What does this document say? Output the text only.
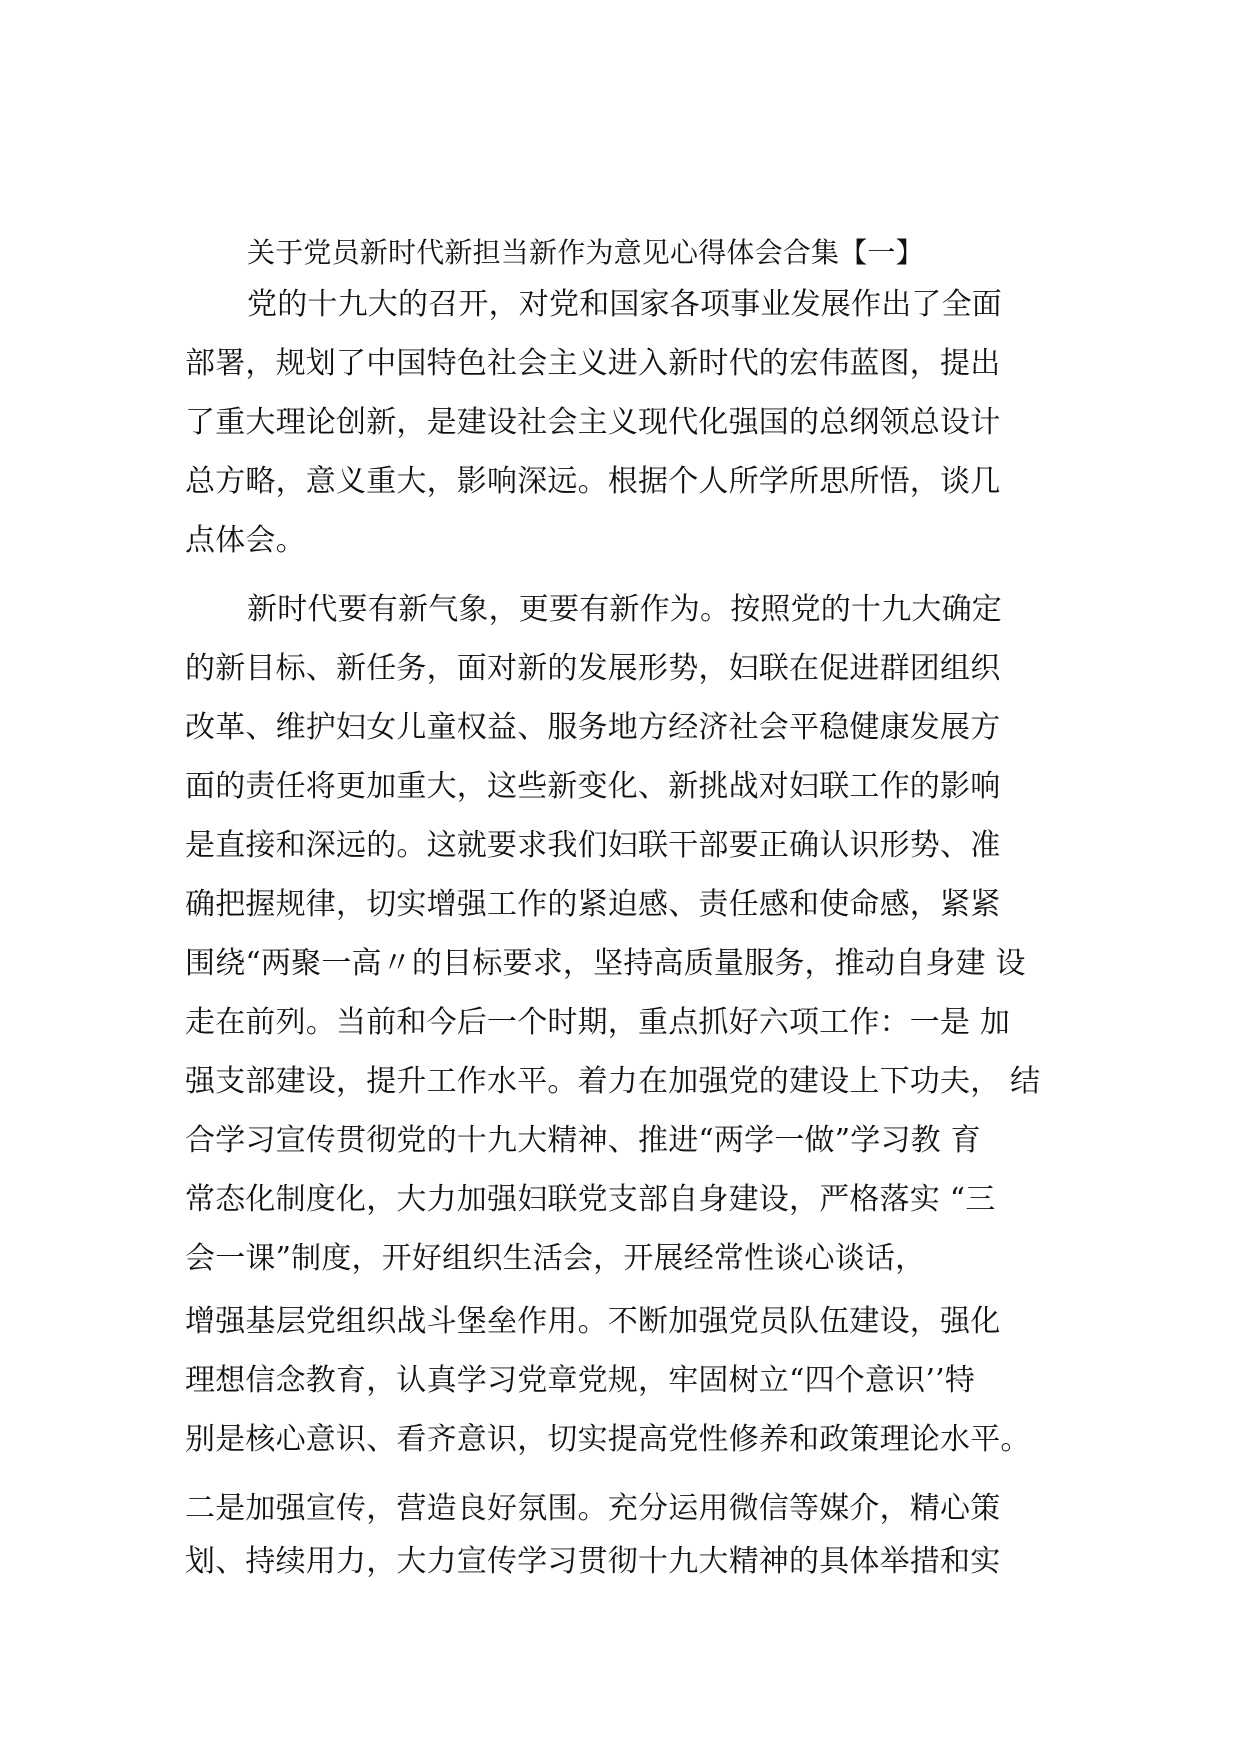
关于党员新时代新担当新作为意见心得体会合集【一】
党的十九大的召开，对党和国家各项事业发展作出了全面
部署，规划了中国特色社会主义进入新时代的宏伟蓝图，提出
了重大理论创新，是建设社会主义现代化强国的总纲领总设计
总方略，意义重大，影响深远。根据个人所学所思所悟，谈几
点体会。
新时代要有新气象，更要有新作为。按照党的十九大确定
的新目标、新任务，面对新的发展形势，妇联在促进群团组织
改革、维护妇女儿童权益、服务地方经济社会平稳健康发展方
面的责任将更加重大，这些新变化、新挑战对妇联工作的影响
是直接和深远的。这就要求我们妇联干部要正确认识形势、准
确把握规律，切实增强工作的紧迫感、责任感和使命感，紧紧
围绕“两聚一高〃的目标要求，坚持高质量服务，推动自身建 设
走在前列。当前和今后一个时期，重点抓好六项工作：一是 加
强支部建设，提升工作水平。着力在加强党的建设上下功夫， 结
合学习宣传贯彻党的十九大精神、推进“两学一做”学习教 育
常态化制度化，大力加强妇联党支部自身建设，严格落实 “三
会一课”制度，开好组织生活会，开展经常性谈心谈话，
增强基层党组织战斗堡垒作用。不断加强党员队伍建设，强化
理想信念教育，认真学习党章党规，牢固树立“四个意识’’特
别是核心意识、看齐意识，切实提高党性修养和政策理论水平。
二是加强宣传，营造良好氛围。充分运用微信等媒介，精心策
划、持续用力，大力宣传学习贯彻十九大精神的具体举措和实
